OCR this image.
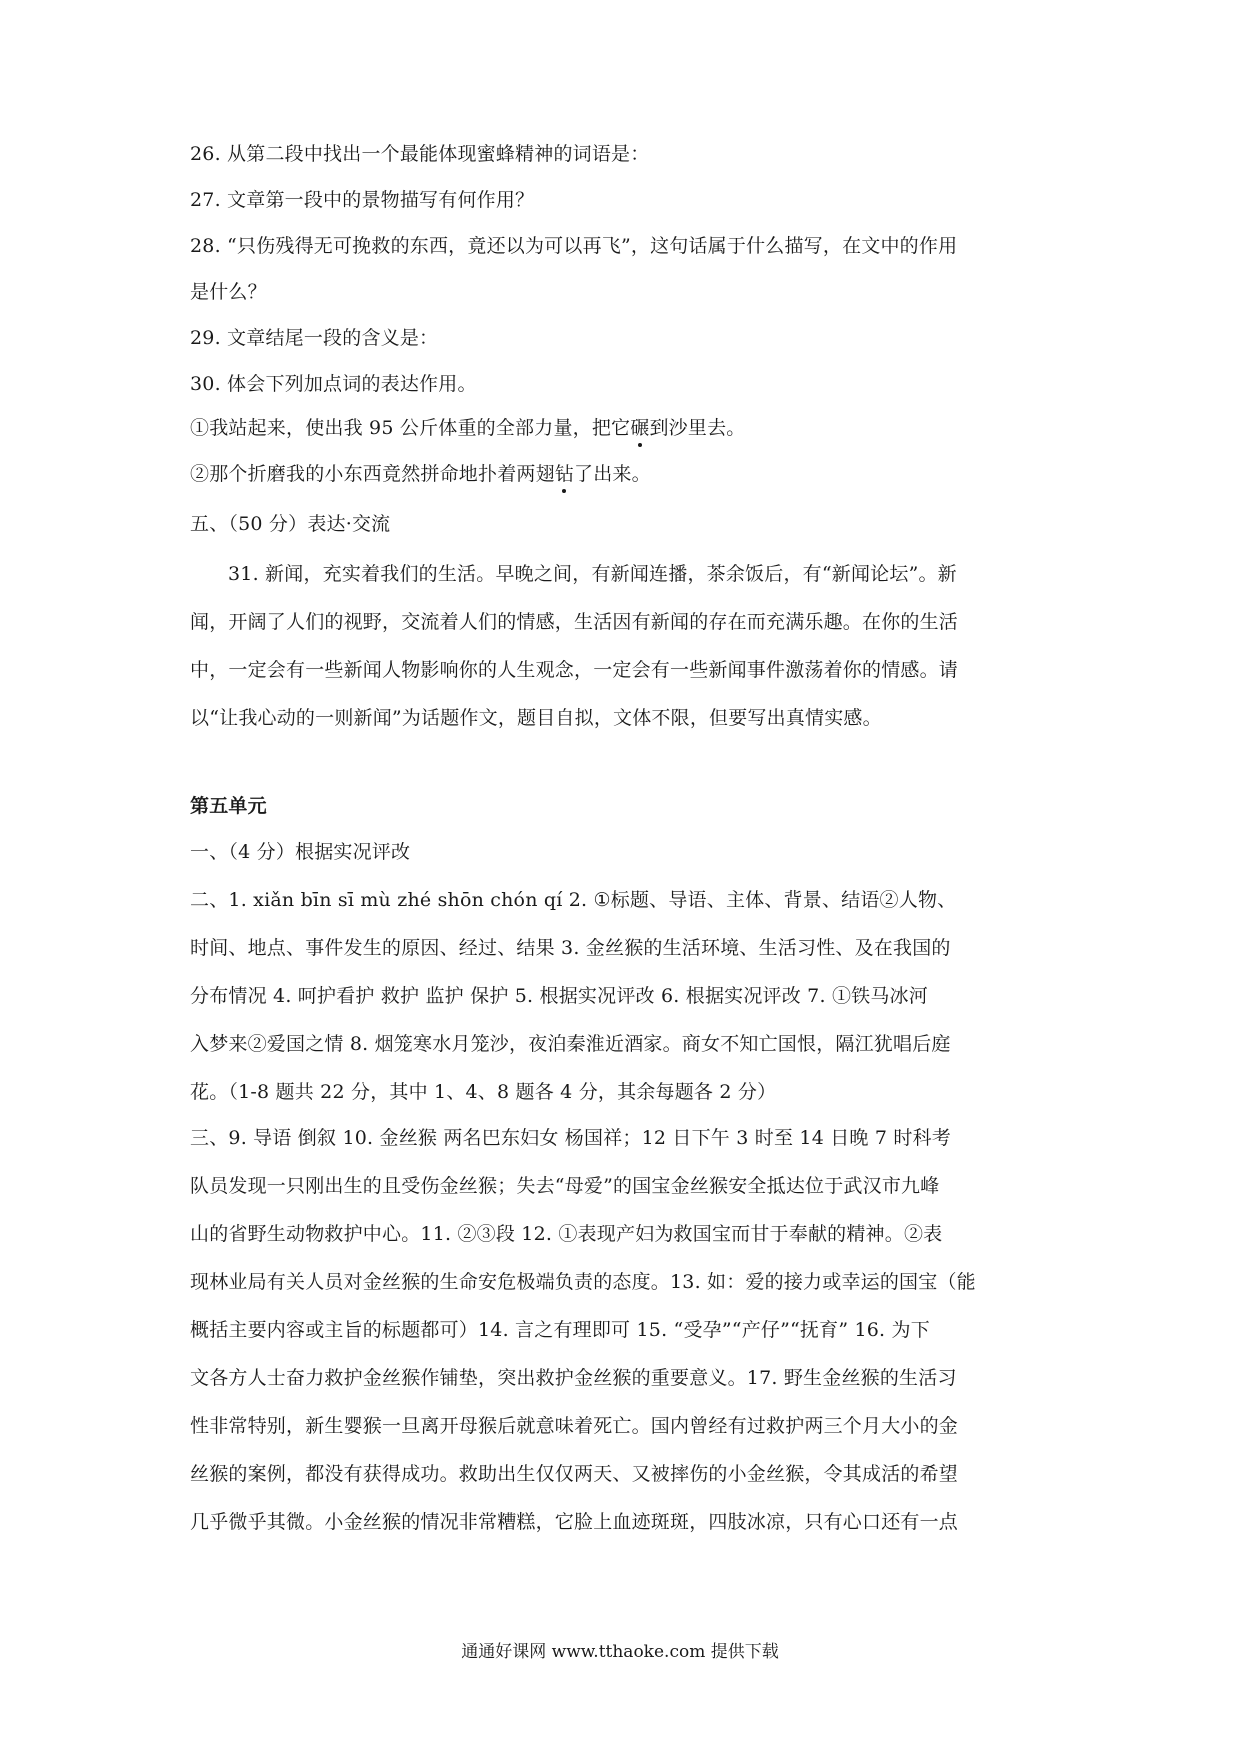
26. 从第二段中找出一个最能体现蜜蜂精神的词语是：
27. 文章第一段中的景物描写有何作用？
28. “只伤残得无可挽救的东西，竟还以为可以再飞”，这句话属于什么描写，在文中的作用
是什么？
29. 文章结尾一段的含义是：
30. 体会下列加点词的表达作用。
①我站起来，使出我 95 公斤体重的全部力量，把它碾到沙里去。
②那个折磨我的小东西竟然拼命地扑着两翅钻了出来。
五、（50 分）表达·交流
31. 新闻，充实着我们的生活。早晚之间，有新闻连播，茶余饭后，有“新闻论坛”。新
闻，开阔了人们的视野，交流着人们的情感，生活因有新闻的存在而充满乐趣。在你的生活
中，一定会有一些新闻人物影响你的人生观念，一定会有一些新闻事件激荡着你的情感。请
以“让我心动的一则新闻”为话题作文，题目自拟，文体不限，但要写出真情实感。
第五单元
一、（4 分）根据实况评改
二、1. xiǎn bīn sī mù zhé shōn chón qí 2. ①标题、导语、主体、背景、结语②人物、
时间、地点、事件发生的原因、经过、结果 3. 金丝猴的生活环境、生活习性、及在我国的
分布情况 4. 呵护看护 救护 监护 保护 5. 根据实况评改 6. 根据实况评改 7. ①铁马冰河
入梦来②爱国之情 8. 烟笼寒水月笼沙，夜泊秦淮近酒家。商女不知亡国恨，隔江犹唱后庭
花。（1-8 题共 22 分，其中 1、4、8 题各 4 分，其余每题各 2 分）
三、9. 导语 倒叙 10. 金丝猴 两名巴东妇女 杨国祥；12 日下午 3 时至 14 日晚 7 时科考
队员发现一只刚出生的且受伤金丝猴；失去“母爱”的国宝金丝猴安全抵达位于武汉市九峰
山的省野生动物救护中心。11. ②③段 12. ①表现产妇为救国宝而甘于奉献的精神。②表
现林业局有关人员对金丝猴的生命安危极端负责的态度。13. 如：爱的接力或幸运的国宝（能
概括主要内容或主旨的标题都可）14. 言之有理即可 15. “受孕”“产仔”“抚育” 16. 为下
文各方人士奋力救护金丝猴作铺垫，突出救护金丝猴的重要意义。17. 野生金丝猴的生活习
性非常特别，新生婴猴一旦离开母猴后就意味着死亡。国内曾经有过救护两三个月大小的金
丝猴的案例，都没有获得成功。救助出生仅仅两天、又被摔伤的小金丝猴，令其成活的希望
几乎微乎其微。小金丝猴的情况非常糟糕，它脸上血迹斑斑，四肢冰凉，只有心口还有一点
通通好课网 www.tthaoke.com 提供下载
